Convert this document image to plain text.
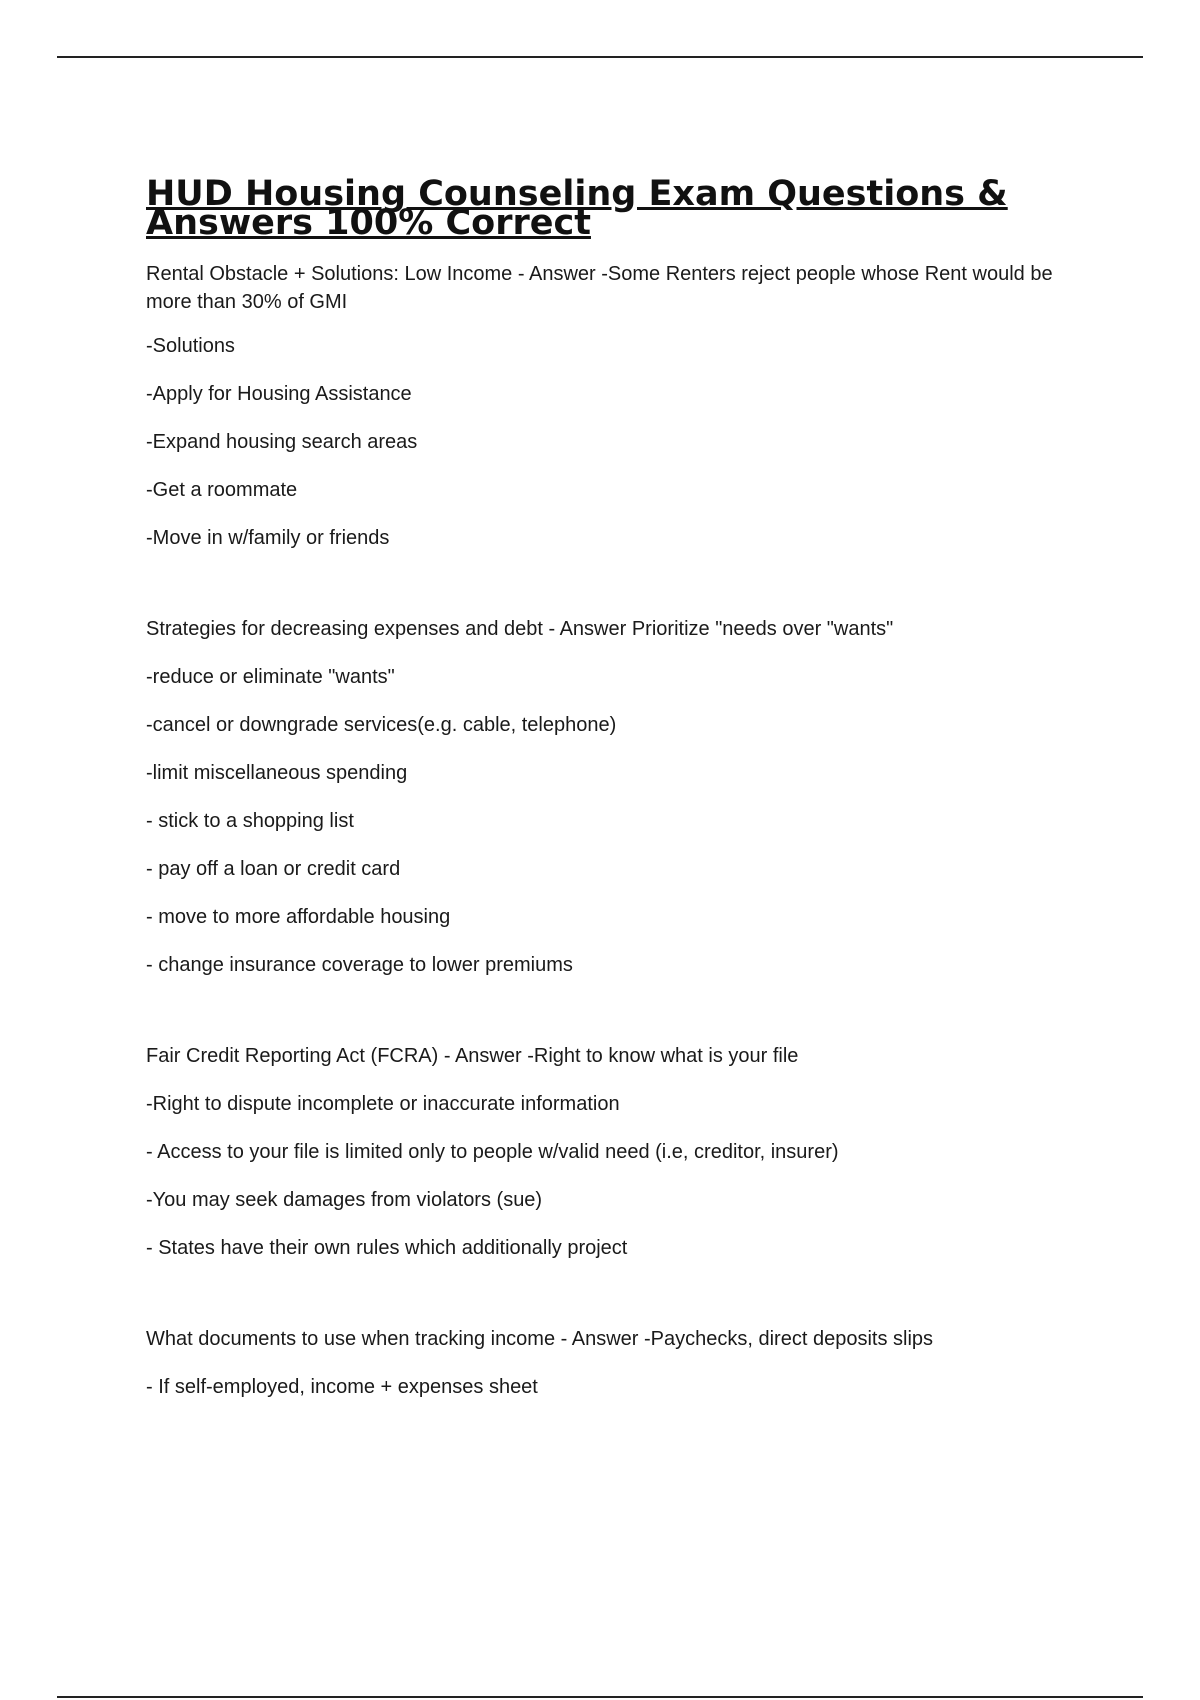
HUD Housing Counseling Exam Questions & Answers 100% Correct

Rental Obstacle + Solutions: Low Income - Answer -Some Renters reject people whose Rent would be more than 30% of GMI

-Solutions

-Apply for Housing Assistance

-Expand housing search areas

-Get a roommate

-Move in w/family or friends

Strategies for decreasing expenses and debt - Answer Prioritize "needs over "wants"

-reduce or eliminate "wants"

-cancel or downgrade services(e.g. cable, telephone)

-limit miscellaneous spending

- stick to a shopping list

- pay off a loan or credit card

- move to more affordable housing

- change insurance coverage to lower premiums

Fair Credit Reporting Act (FCRA) - Answer -Right to know what is your file

-Right to dispute incomplete or inaccurate information

- Access to your file is limited only to people w/valid need (i.e, creditor, insurer)

-You may seek damages from violators (sue)

- States have their own rules which additionally project

What documents to use when tracking income - Answer -Paychecks, direct deposits slips

- If self-employed, income + expenses sheet
